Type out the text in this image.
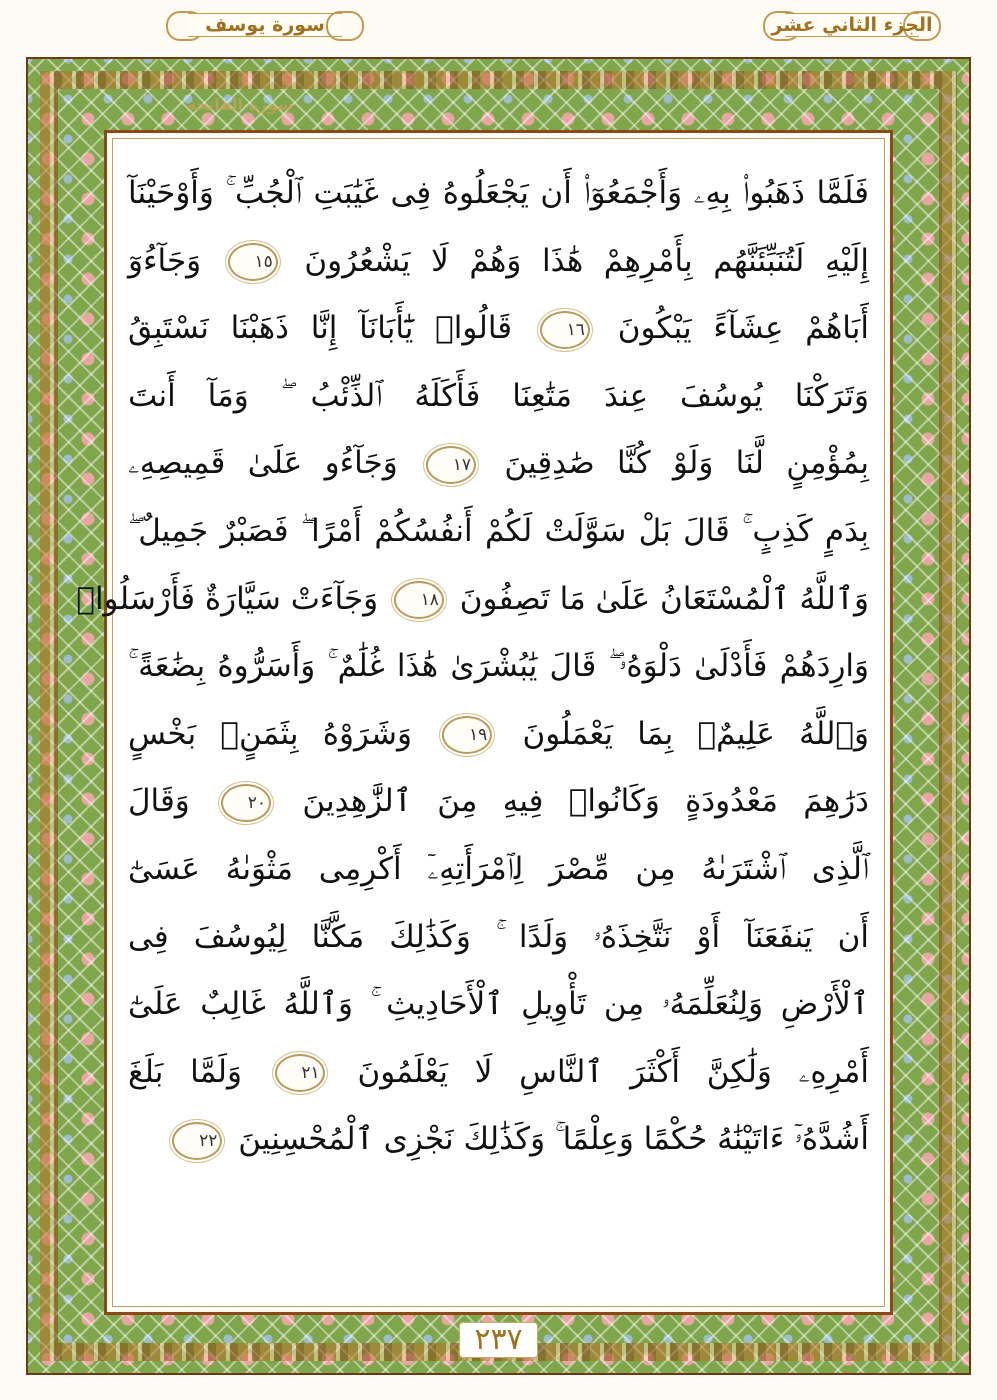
الجزء الثاني عشر
سورة يوسف
سورة الفاتحة
فَلَمَّا ذَهَبُوا۟ بِهِۦ وَأَجْمَعُوٓا۟ أَن يَجْعَلُوهُ فِى غَيَٰبَتِ ٱلْجُبِّ ۚ وَأَوْحَيْنَآ
إِلَيْهِ لَتُنَبِّئَنَّهُم بِأَمْرِهِمْ هَٰذَا وَهُمْ لَا يَشْعُرُونَ ١٥ وَجَآءُوٓ
أَبَاهُمْ عِشَآءً يَبْكُونَ ١٦ قَالُوا۟ يَٰٓأَبَانَآ إِنَّا ذَهَبْنَا نَسْتَبِقُ
وَتَرَكْنَا يُوسُفَ عِندَ مَتَٰعِنَا فَأَكَلَهُ ٱلذِّئْبُ ۖ وَمَآ أَنتَ
بِمُؤْمِنٍ لَّنَا وَلَوْ كُنَّا صَٰدِقِينَ ١٧ وَجَآءُو عَلَىٰ قَمِيصِهِۦ
بِدَمٍ كَذِبٍ ۚ قَالَ بَلْ سَوَّلَتْ لَكُمْ أَنفُسُكُمْ أَمْرًا ۖ فَصَبْرٌ جَمِيلٌ ۖ
وَٱللَّهُ ٱلْمُسْتَعَانُ عَلَىٰ مَا تَصِفُونَ ١٨ وَجَآءَتْ سَيَّارَةٌ فَأَرْسَلُوا۟
وَارِدَهُمْ فَأَدْلَىٰ دَلْوَهُۥ ۖ قَالَ يَٰبُشْرَىٰ هَٰذَا غُلَٰمٌ ۚ وَأَسَرُّوهُ بِضَٰعَةً ۚ
وَٱللَّهُ عَلِيمٌۢ بِمَا يَعْمَلُونَ ١٩ وَشَرَوْهُ بِثَمَنٍۭ بَخْسٍ
دَرَٰهِمَ مَعْدُودَةٍ وَكَانُوا۟ فِيهِ مِنَ ٱلزَّٰهِدِينَ ٢٠ وَقَالَ
ٱلَّذِى ٱشْتَرَىٰهُ مِن مِّصْرَ لِٱمْرَأَتِهِۦٓ أَكْرِمِى مَثْوَىٰهُ عَسَىٰٓ
أَن يَنفَعَنَآ أَوْ نَتَّخِذَهُۥ وَلَدًا ۚ وَكَذَٰلِكَ مَكَّنَّا لِيُوسُفَ فِى
ٱلْأَرْضِ وَلِنُعَلِّمَهُۥ مِن تَأْوِيلِ ٱلْأَحَادِيثِ ۚ وَٱللَّهُ غَالِبٌ عَلَىٰٓ
أَمْرِهِۦ وَلَٰكِنَّ أَكْثَرَ ٱلنَّاسِ لَا يَعْلَمُونَ ٢١ وَلَمَّا بَلَغَ
أَشُدَّهُۥٓ ءَاتَيْنَٰهُ حُكْمًا وَعِلْمًا ۚ وَكَذَٰلِكَ نَجْزِى ٱلْمُحْسِنِينَ ٢٢
٢٣٧
